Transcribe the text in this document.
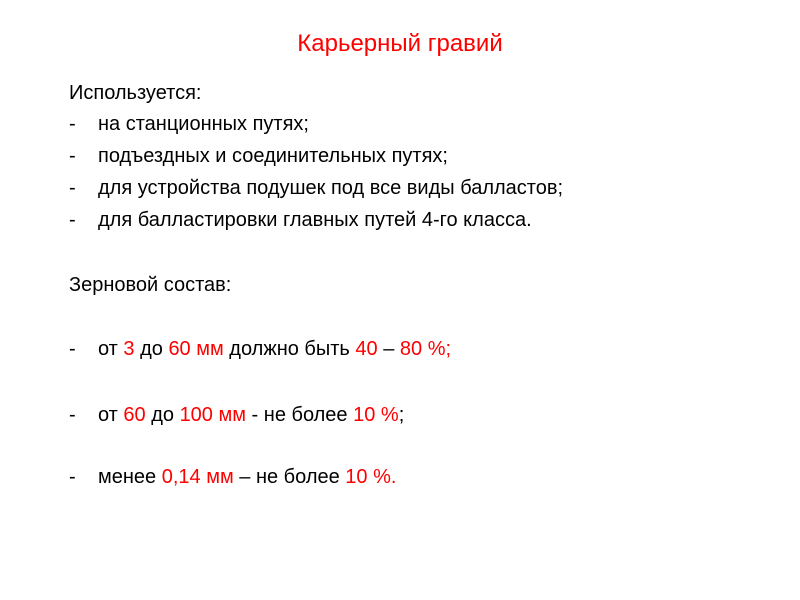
Карьерный гравий
Используется:
- на станционных путях;
- подъездных и соединительных путях;
- для устройства подушек под все виды балластов;
- для балластировки главных путей 4-го класса.
Зерновой состав:
- от 3 до 60 мм должно быть 40 – 80 %;
- от 60 до 100 мм - не более 10 %;
- менее 0,14 мм – не более 10 %.
